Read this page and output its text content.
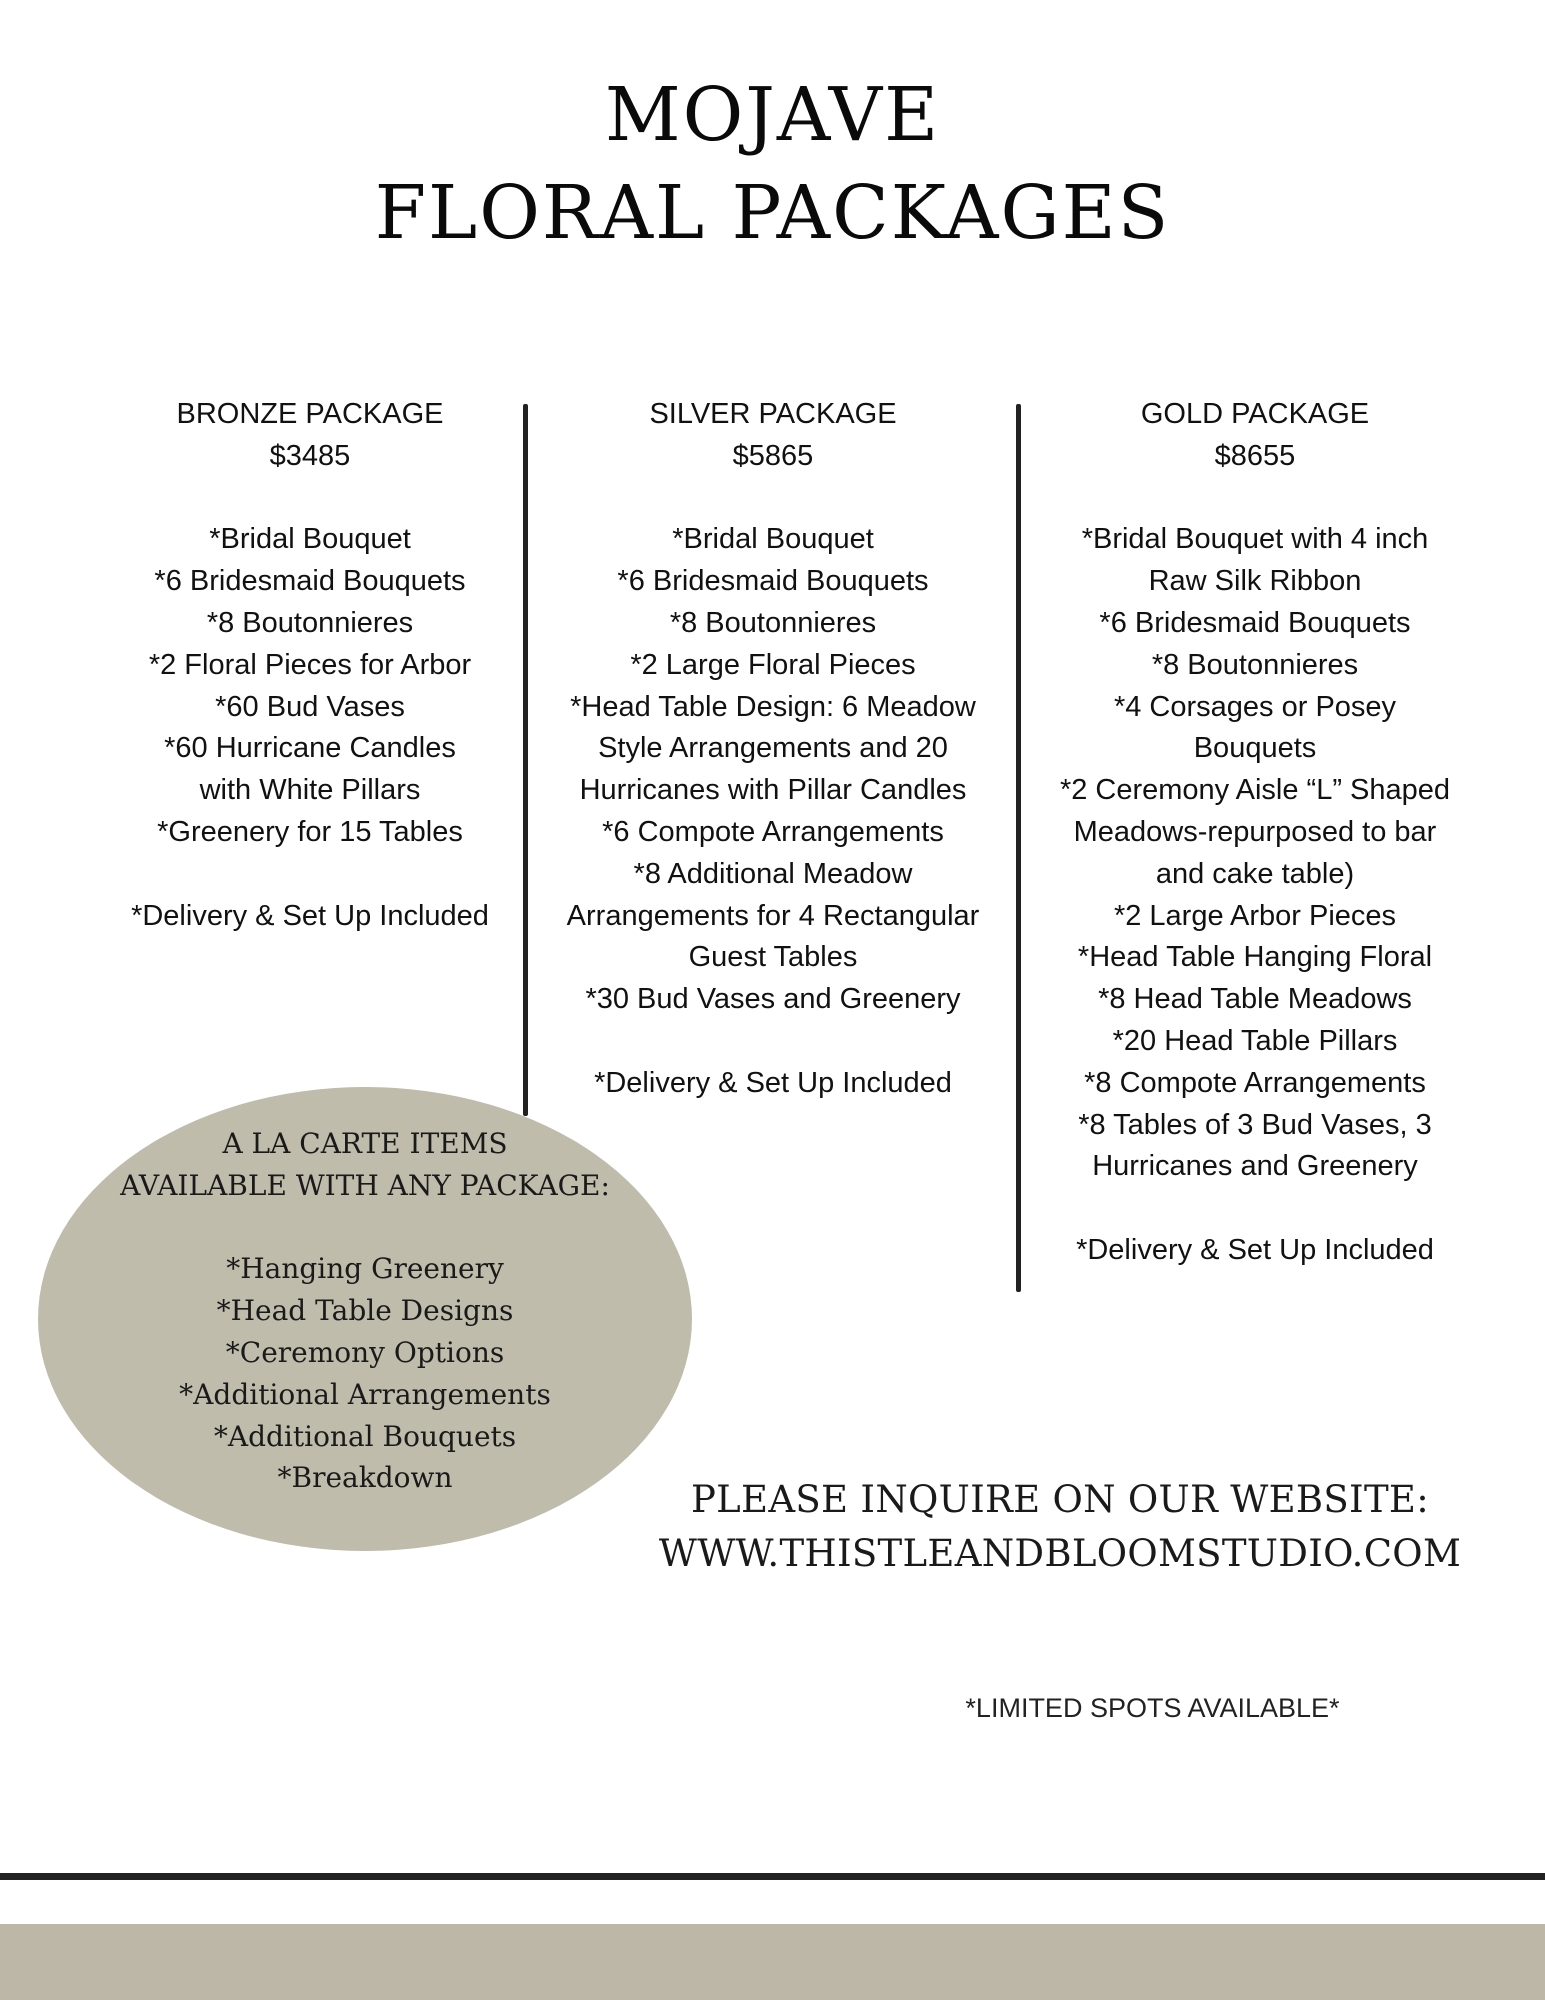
MOJAVE
FLORAL PACKAGES
BRONZE PACKAGE
$3485
*Bridal Bouquet
*6 Bridesmaid Bouquets
*8 Boutonnieres
*2 Floral Pieces for Arbor
*60 Bud Vases
*60 Hurricane Candles
with White Pillars
*Greenery for 15 Tables
*Delivery & Set Up Included
SILVER PACKAGE
$5865
*Bridal Bouquet
*6 Bridesmaid Bouquets
*8 Boutonnieres
*2 Large Floral Pieces
*Head Table Design: 6 Meadow
Style Arrangements and 20
Hurricanes with Pillar Candles
*6 Compote Arrangements
*8 Additional Meadow
Arrangements for 4 Rectangular
Guest Tables
*30 Bud Vases and Greenery
*Delivery & Set Up Included
GOLD PACKAGE
$8655
*Bridal Bouquet with 4 inch
Raw Silk Ribbon
*6 Bridesmaid Bouquets
*8 Boutonnieres
*4 Corsages or Posey
Bouquets
*2 Ceremony Aisle “L” Shaped
Meadows-repurposed to bar
and cake table)
*2 Large Arbor Pieces
*Head Table Hanging Floral
*8 Head Table Meadows
*20 Head Table Pillars
*8 Compote Arrangements
*8 Tables of 3 Bud Vases, 3
Hurricanes and Greenery
*Delivery & Set Up Included
A LA CARTE ITEMS
AVAILABLE WITH ANY PACKAGE:
*Hanging Greenery
*Head Table Designs
*Ceremony Options
*Additional Arrangements
*Additional Bouquets
*Breakdown
PLEASE INQUIRE ON OUR WEBSITE:
WWW.THISTLEANDBLOOMSTUDIO.COM
*LIMITED SPOTS AVAILABLE*
